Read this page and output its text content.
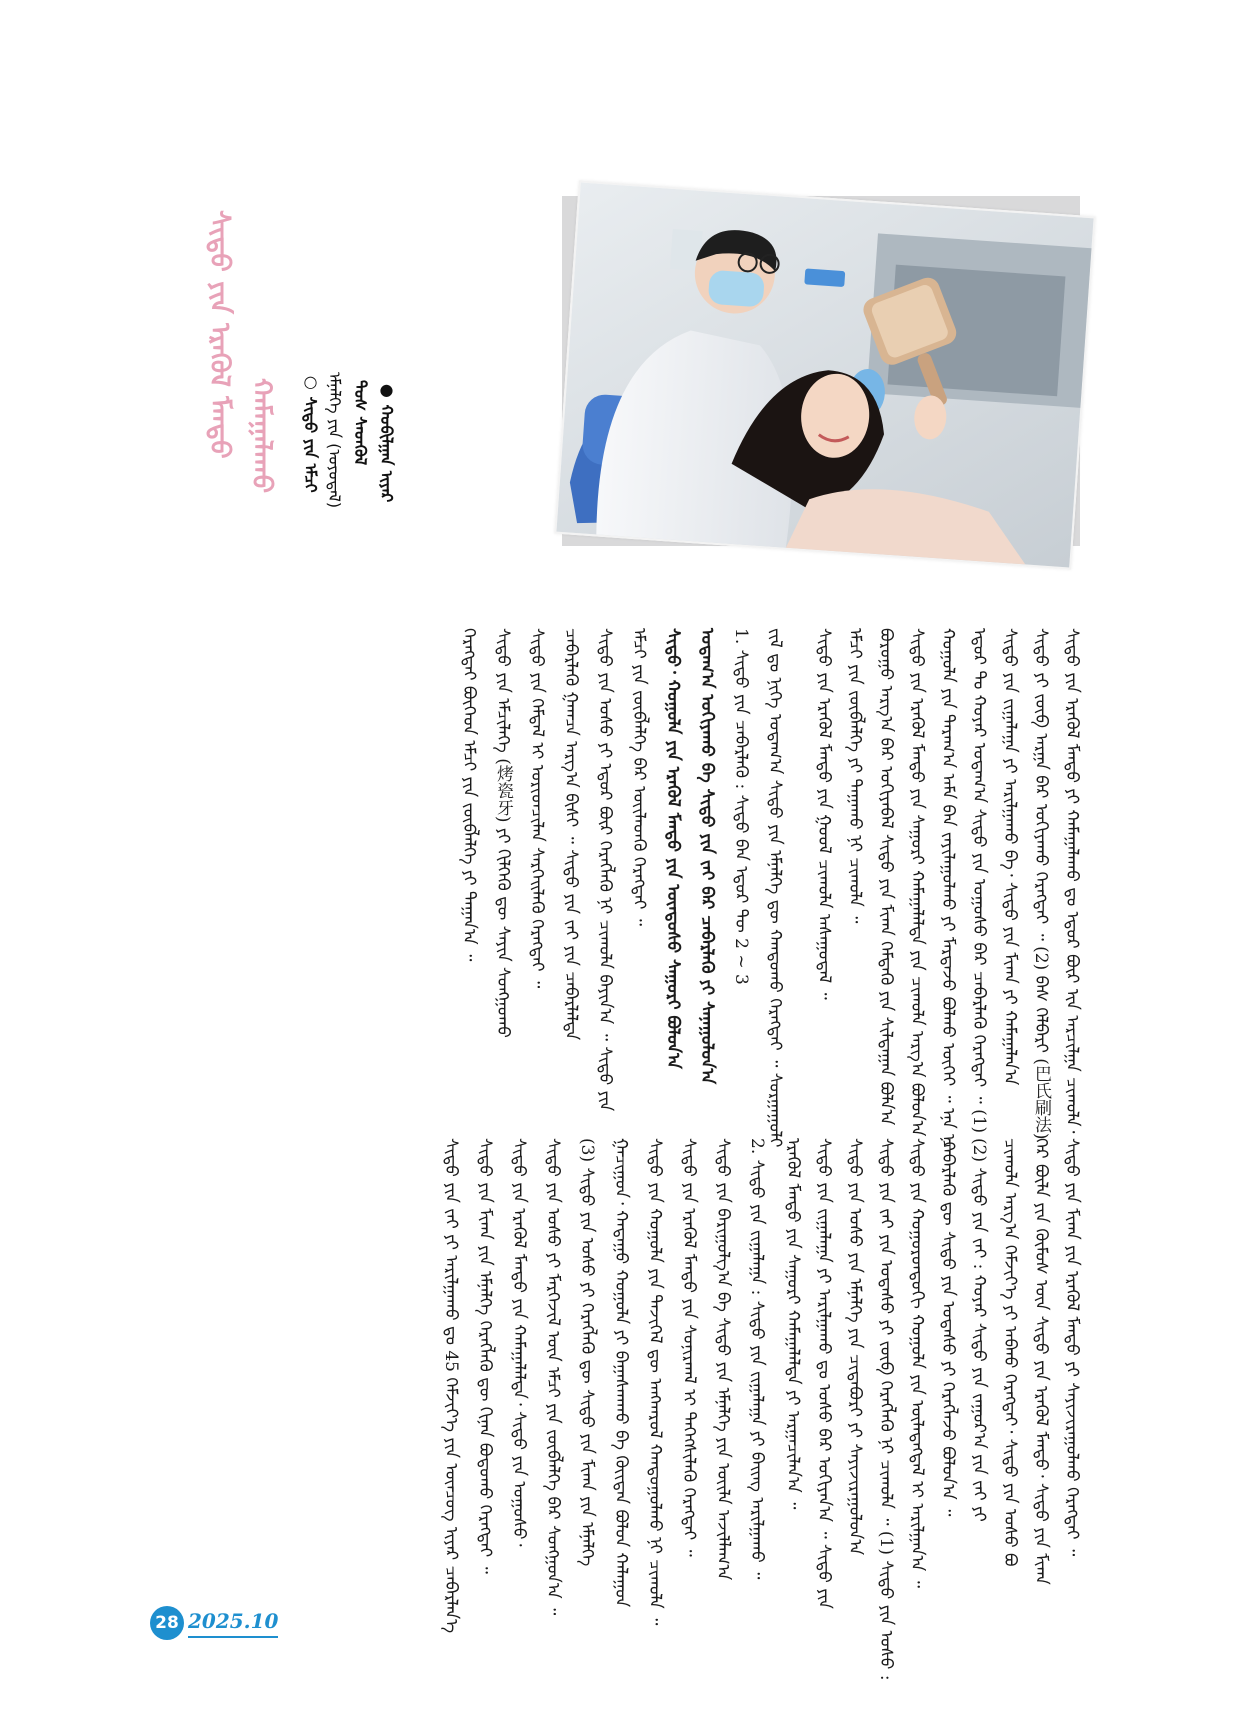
ᠰᠢᠳᠦ ᠶᠢᠨ ᠡᠷᠡᠭᠦᠯ ᠮᠡᠨᠳᠦ ᠬᠠᠮᠠᠭᠠᠯᠠᠬᠤ	○ ᠰᠢᠳᠦ ᠶᠢᠨ ᠡᠮᠴᠢ ᠡᠮᠨᠡᠯᠭᠡ ᠶᠢᠨ (ᠣᠶᠤᠳᠠᠯ) ᠲᠤᠰ ᠰᠡᠳᠬᠦᠯ ● ᠬᠤᠪᠢᠯᠭᠠᠨ ᠢᠶᠡᠷ
ᠰᠢᠳᠦ ᠶᠢᠨ ᠡᠷᠡᠭᠦᠯ ᠮᠡᠨᠳᠦ ᠶᠢ ᠬᠠᠮᠠᠭᠠᠯᠠᠬᠤ ᠳᠤ ᠡᠳᠦᠷ ᠪᠦᠷ ᠢᠨ ᠠᠷᠴᠢᠯᠭᠠ ᠴᠢᠬᠤᠯᠠ᠂
ᠰᠢᠳᠦ ᠶᠢ ᠵᠥᠪ ᠠᠷᠭᠠ ᠪᠠᠷ ᠤᠭᠢᠶᠠᠬᠤ ᠬᠡᠷᠡᠭᠲᠡᠢ ᠃ (2) ᠪᠠᠰ ᠬᠡᠯᠪᠡᠷᠢ (巴氏刷法)
ᠰᠢᠳᠦ ᠶᠢᠨ ᠵᠢᠭᠠᠯᠠᠭᠠ ᠶᠢ ᠠᠷᠢᠯᠭᠠᠬᠤ ᠪᠠ᠂ ᠰᠢᠳᠦ ᠶᠢᠨ ᠮᠢᠬᠠ ᠶᠢ ᠬᠠᠮᠠᠭᠠᠯᠠᠨ᠎ᠠ
ᠡᠳᠦᠷ ᠲᠤ ᠬᠤᠶᠠᠷ ᠤᠳᠠᠭ᠎ᠠ ᠰᠢᠳᠦ ᠶᠢᠨ ᠣᠭᠤᠰᠤ ᠪᠠᠷ ᠴᠡᠪᠡᠷᠯᠡᠬᠦ ᠬᠡᠷᠡᠭᠲᠡᠢ ᠃ (1)
ᠬᠣᠭᠣᠯᠠ ᠶᠢᠨ ᠳᠠᠷᠠᠭ᠎ᠠ ᠠᠮᠠ ᠪᠠᠨ ᠵᠠᠶᠢᠯᠠᠭᠤᠯᠬᠤ ᠶᠢ ᠮᠠᠷᠲᠠᠵᠤ ᠪᠣᠯᠬᠤ ᠦᠭᠡᠢ ᠃ ᠡᠨᠡ ᠨᠢ
ᠰᠢᠳᠦ ᠶᠢᠨ ᠡᠷᠡᠭᠦᠯ ᠮᠡᠨᠳᠦ ᠶᠢᠨ ᠰᠠᠭᠤᠷᠢ ᠬᠠᠮᠠᠭᠠᠯᠠᠯᠲᠠ ᠶᠢᠨ ᠴᠢᠬᠤᠯᠠ ᠠᠷᠭ᠎ᠠ ᠪᠣᠯᠤᠨ᠎ᠠ
ᠪᠤᠷᠤᠭᠤ ᠠᠷᠭ᠎ᠠ ᠪᠠᠷ ᠤᠭᠢᠶᠠᠪᠠᠯ ᠰᠢᠳᠦ ᠶᠢᠨ ᠮᠢᠬᠠ ᠭᠡᠮᠲᠡᠬᠦ ᠶᠢᠨ ᠰᠢᠯᠲᠠᠭᠠᠨ ᠪᠣᠯᠨ᠎ᠠ
ᠡᠮᠴᠢ ᠶᠢᠨ ᠵᠦᠪᠯᠡᠯᠭᠡ ᠶᠢ ᠳᠠᠭᠠᠬᠤ ᠨᠢ ᠴᠢᠬᠤᠯᠠ ᠃
ᠰᠢᠳᠦ ᠶᠢᠨ ᠡᠷᠡᠭᠦᠯ ᠮᠡᠨᠳᠦ ᠶᠢᠨ ᠭᠣᠣᠯ ᠴᠢᠬᠤᠯᠠ ᠠᠰᠠᠭᠤᠳᠠᠯ ᠃
ᠵᠢᠯ ᠳᠤ ᠨᠢᠭᠡ ᠤᠳᠠᠭ᠎ᠠ ᠰᠢᠳᠦ ᠶᠢᠨ ᠡᠮᠨᠡᠯᠭᠡ ᠳᠦ ᠬᠠᠨᠳᠤᠬᠤ ᠬᠡᠷᠡᠭᠲᠡᠢ ᠃ ᠰᠤᠷᠭᠠᠭᠤᠯᠢ
1. ᠰᠢᠳᠦ ᠶᠢᠨ ᠴᠡᠪᠡᠷᠯᠡᠬᠦ : ᠰᠢᠳᠦ ᠪᠡᠨ ᠡᠳᠦᠷ ᠲᠦ 2 ~ 3
ᠤᠳᠠᠭ᠎ᠠ ᠤᠭᠢᠶᠠᠬᠤ ᠪᠠ ᠰᠢᠳᠦ ᠶᠢᠨ ᠵᠠᠢ ᠪᠠᠷ ᠴᠡᠪᠡᠷᠯᠡᠬᠦ ᠶᠢ ᠰᠠᠨᠠᠭᠤᠯᠤᠨ᠎ᠠ
ᠰᠢᠳᠦ᠂ ᠬᠣᠭᠣᠯᠠ ᠶᠢᠨ ᠡᠷᠡᠭᠦᠯ ᠮᠡᠨᠳᠦ ᠶᠢᠨ ᠦᠨᠳᠦᠰᠦ ᠰᠠᠭᠤᠷᠢ ᠪᠣᠯᠤᠨ᠎ᠠ
ᠡᠮᠴᠢ ᠶᠢᠨ ᠵᠦᠪᠯᠡᠯᠭᠡ ᠪᠡᠷ ᠦᠢᠯᠡᠳᠬᠦ ᠬᠡᠷᠡᠭᠲᠡᠢ ᠃
ᠰᠢᠳᠦ ᠶᠢᠨ ᠤᠰᠤ ᠶᠢ ᠡᠳᠦᠷ ᠪᠦᠷ ᠬᠡᠷᠡᠭᠯᠡᠬᠦ ᠨᠢ ᠴᠢᠬᠤᠯᠠ ᠪᠠᠶᠢᠨ᠎ᠠ ᠃ ᠰᠢᠳᠦ ᠶᠢᠨ
ᠴᠡᠪᠡᠷᠯᠡᠬᠦ ᠭᠠᠭᠴᠠ ᠠᠷᠭ᠎ᠠ ᠪᠢᠰᠢ ᠃ ᠰᠢᠳᠦ ᠶᠢᠨ ᠵᠠᠢ ᠶᠢᠨ ᠴᠡᠪᠡᠷᠯᠡᠯᠲᠡ
ᠰᠢᠳᠦ ᠶᠢᠨ ᠭᠡᠮᠲᠡᠯ ᠢ ᠤᠷᠢᠳᠴᠢᠯᠠᠨ ᠰᠡᠷᠭᠡᠢᠯᠡᠬᠦ ᠬᠡᠷᠡᠭᠲᠡᠢ ᠃
ᠰᠢᠳᠦ ᠶᠢᠨ ᠡᠮᠴᠢᠯᠡᠭᠡ (烤瓷牙) ᠶᠢ ᠬᠢᠯᠭᠡᠬᠦ ᠳᠦ ᠰᠠᠶᠢᠨ ᠰᠣᠩᠭᠣᠬᠤ
ᠬᠡᠷᠡᠭᠲᠡᠢ ᠪᠥᠭᠡᠳ ᠡᠮᠴᠢ ᠶᠢᠨ ᠵᠦᠪᠯᠡᠯᠭᠡ ᠶᠢ ᠳᠠᠭᠠᠨ᠎ᠠ ᠃
ᠰᠢᠳᠦ ᠶᠢᠨ ᠮᠢᠬᠠ ᠶᠢᠨ ᠡᠷᠡᠭᠦᠯ ᠮᠡᠨᠳᠦ ᠶᠢ ᠰᠠᠶᠢᠵᠢᠷᠠᠭᠤᠯᠬᠤ ᠬᠡᠷᠡᠭᠲᠡᠢ ᠃
ᠭᠡᠷ ᠪᠦᠯᠡ ᠶᠢᠨ ᠬᠦᠮᠦᠰ ᠦᠨ ᠰᠢᠳᠦ ᠶᠢᠨ ᠡᠷᠡᠭᠦᠯ ᠮᠡᠨᠳᠦ᠂ ᠰᠢᠳᠦ ᠶᠢᠨ ᠮᠢᠬᠠ
ᠴᠢᠬᠤᠯᠠ ᠠᠷᠭ᠎ᠠ ᠬᠡᠮᠵᠢᠶ᠎ᠡ ᠶᠢ ᠠᠪᠬᠤ ᠬᠡᠷᠡᠭᠲᠡᠢ᠂ ᠰᠢᠳᠦ ᠶᠢᠨ ᠤᠰᠤ ᠪᠤ
(2) ᠰᠢᠳᠦ ᠶᠢᠨ ᠵᠠᠢ : ᠬᠣᠶᠠᠷ ᠰᠢᠳᠦ ᠶᠢᠨ ᠵᠠᠭᠤᠷ᠎ᠠ ᠶᠢᠨ ᠵᠠᠢ ᠶᠢ
ᠴᠡᠪᠡᠷᠯᠡᠬᠦ ᠳᠦ ᠰᠢᠳᠦ ᠶᠢᠨ ᠤᠲᠠᠰᠤ ᠶᠢ ᠬᠡᠷᠡᠭᠯᠡᠵᠦ ᠪᠣᠯᠤᠨ᠎ᠠ ᠃
ᠰᠢᠳᠦ ᠶᠢᠨ ᠬᠣᠭᠣᠷᠣᠨᠳᠤᠬᠢ ᠬᠣᠭᠣᠯᠠ ᠶᠢᠨ ᠦᠯᠡᠳᠡᠭᠳᠡᠯ ᠢ ᠠᠷᠢᠯᠭᠠᠨ᠎ᠠ ᠃
ᠰᠢᠳᠦ ᠶᠢᠨ ᠵᠠᠢ ᠶᠢᠨ ᠤᠲᠠᠰᠤ ᠶᠢ ᠵᠥᠪ ᠬᠡᠷᠡᠭᠯᠡᠬᠦ ᠨᠢ ᠴᠢᠬᠤᠯᠠ ᠃ (1) ᠰᠢᠳᠦ ᠶᠢᠨ ᠤᠰᠤ :
ᠰᠢᠳᠦ ᠶᠢᠨ ᠤᠰᠤ ᠶᠢᠨ ᠡᠮᠨᠡᠯᠭᠡ ᠶᠢᠨ ᠴᠢᠳᠠᠪᠤᠷᠢ ᠶᠢ ᠰᠠᠶᠢᠵᠢᠷᠠᠭᠤᠯᠤᠨ᠎ᠠ
ᠰᠢᠳᠦ ᠶᠢᠨ ᠵᠢᠭᠠᠯᠠᠭᠠ ᠶᠢ ᠠᠷᠢᠯᠭᠠᠬᠤ ᠳᠤ ᠤᠰᠤ ᠪᠠᠷ ᠤᠭᠢᠶᠠᠨ᠎ᠠ ᠃ ᠰᠢᠳᠦ ᠶᠢᠨ
ᠡᠷᠡᠭᠦᠯ ᠮᠡᠨᠳᠦ ᠶᠢᠨ ᠰᠠᠭᠤᠷᠢ ᠬᠠᠮᠠᠭᠠᠯᠠᠯᠲᠠ ᠶᠢ ᠠᠷᠭᠠᠴᠢᠯᠠᠨ᠎ᠠ ᠃
2. ᠰᠢᠳᠦ ᠶᠢᠨ ᠵᠢᠭᠠᠯᠠᠭᠠ : ᠰᠢᠳᠦ ᠶᠢᠨ ᠵᠢᠭᠠᠯᠠᠭᠠ ᠶᠢ ᠪᠠᠢ᠌ᠩ ᠠᠷᠢᠯᠭᠠᠬᠤ ᠃
ᠰᠢᠳᠦ ᠶᠢᠨ ᠪᠠᠷᠢᠭᠤᠯᠭ᠎ᠠ ᠪᠠ ᠰᠢᠳᠦ ᠶᠢᠨ ᠡᠮᠨᠡᠯᠭᠡ ᠶᠢᠨ ᠦᠢᠯᠡ ᠠᠵᠢᠯᠯᠠᠭ᠎ᠠ
ᠰᠢᠳᠦ ᠶᠢᠨ ᠡᠷᠡᠭᠦᠯ ᠮᠡᠨᠳᠦ ᠶᠢᠨ ᠰᠣᠨᠢᠷᠬᠠᠯ ᠢ ᠳᠡᠭᠡᠭᠰᠢᠯᠡᠬᠦ ᠬᠡᠷᠡᠭᠲᠡᠢ ᠃
ᠰᠢᠳᠦ ᠶᠢᠨ ᠬᠣᠭᠣᠯᠠ ᠶᠢᠨ ᠲᠡᠵᠢᠭᠡᠯ ᠳᠦ ᠠᠩᠬᠠᠷᠤᠯ ᠬᠠᠨᠳᠤᠭᠤᠯᠬᠤ ᠨᠢ ᠴᠢᠬᠤᠯᠠ ᠃
ᠭᠠᠴᠢᠭᠤᠨ᠂ ᠬᠠᠲᠠᠭᠤ ᠬᠣᠭᠣᠯᠠ ᠶᠢ ᠪᠠᠭᠠᠰᠬᠠᠬᠤ ᠪᠠ ᠬᠦᠢᠲᠡᠨ ᠪᠣᠯᠤᠨ ᠬᠠᠯᠠᠭᠤᠨ
(3) ᠰᠢᠳᠦ ᠶᠢᠨ ᠤᠰᠤ ᠶᠢ ᠬᠡᠷᠡᠭᠯᠡᠬᠦ ᠳᠦ ᠰᠢᠳᠦ ᠶᠢᠨ ᠮᠢᠬᠠ ᠶᠢᠨ ᠡᠮᠨᠡᠯᠭᠡ
ᠰᠢᠳᠦ ᠶᠢᠨ ᠤᠰᠤ ᠶᠢ ᠮᠡᠷᠭᠡᠵᠢᠯ ᠦᠨ ᠡᠮᠴᠢ ᠶᠢᠨ ᠵᠦᠪᠯᠡᠯᠭᠡ ᠪᠡᠷ ᠰᠣᠩᠭᠣᠨ᠎ᠠ ᠃
ᠰᠢᠳᠦ ᠶᠢᠨ ᠡᠷᠡᠭᠦᠯ ᠮᠡᠨᠳᠦ ᠶᠢᠨ ᠬᠠᠮᠠᠭᠠᠯᠠᠯᠲᠠ᠂ ᠰᠢᠳᠦ ᠶᠢᠨ ᠣᠭᠤᠰᠤ᠂
ᠰᠢᠳᠦ ᠶᠢᠨ ᠮᠢᠬᠠ ᠶᠢᠨ ᠡᠮᠨᠡᠯᠭᠡ ᠬᠡᠷᠡᠭᠯᠡᠬᠦ ᠳᠦ ᠬᠢᠨᠠᠨ ᠪᠣᠳᠣᠬᠤ ᠬᠡᠷᠡᠭᠲᠡᠢ ᠃
ᠰᠢᠳᠦ ᠶᠢᠨ ᠵᠠᠢ ᠶᠢ ᠠᠷᠢᠯᠭᠠᠬᠤ ᠳᠤ 45 ᠬᠡᠮᠵᠢᠶ᠎ᠡ ᠶᠢᠨ ᠥᠨᠴᠥᠭ ᠢᠶᠡᠷ ᠴᠡᠪᠡᠷᠯᠡᠨ᠎ᠡ
28 2025.10
